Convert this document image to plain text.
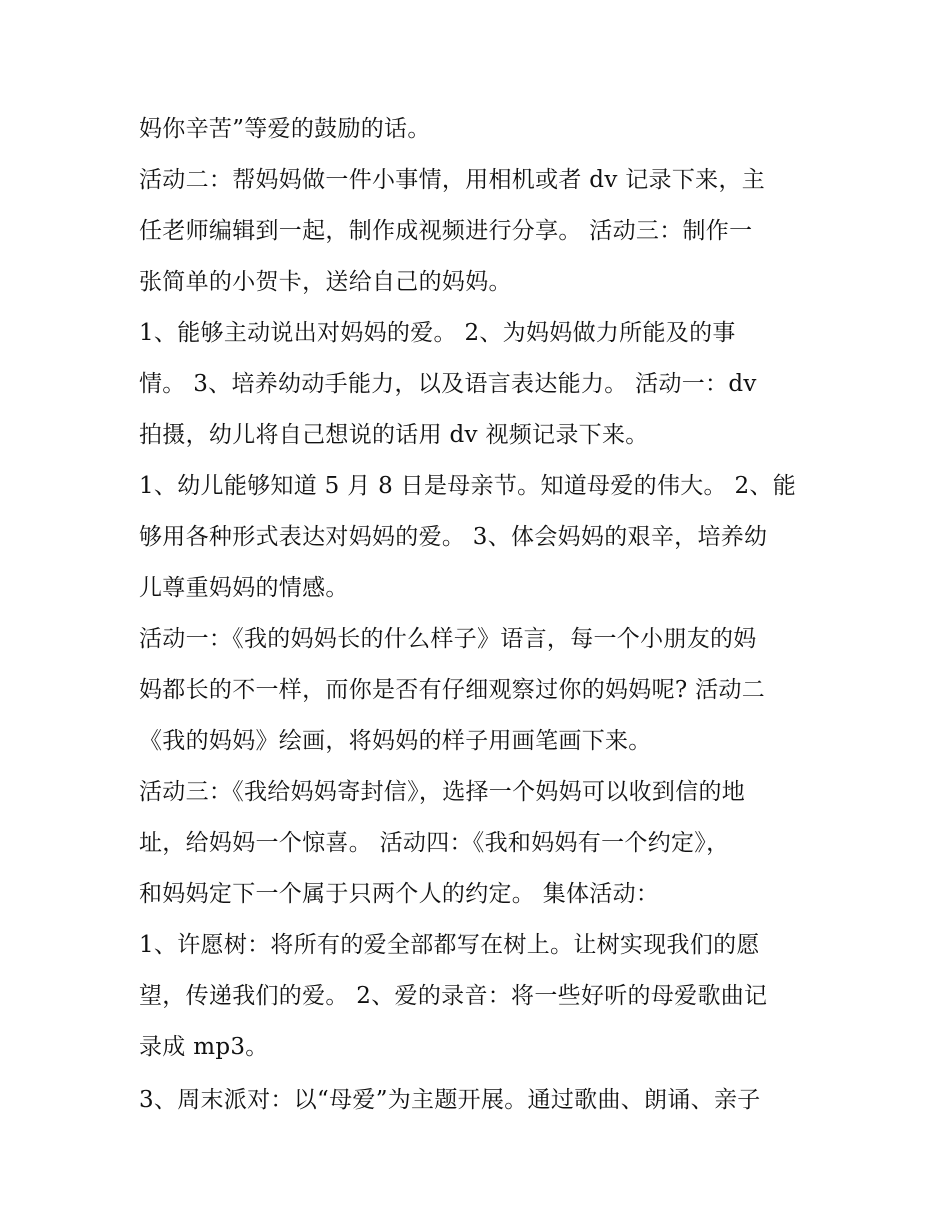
妈你辛苦”等爱的鼓励的话。
活动二：帮妈妈做一件小事情，用相机或者 dv 记录下来，主
任老师编辑到一起，制作成视频进行分享。 活动三：制作一
张简单的小贺卡，送给自己的妈妈。
1、能够主动说出对妈妈的爱。 2、为妈妈做力所能及的事
情。 3、培养幼动手能力，以及语言表达能力。 活动一：dv
拍摄，幼儿将自己想说的话用 dv 视频记录下来。
1、幼儿能够知道 5 月 8 日是母亲节。知道母爱的伟大。 2、能
够用各种形式表达对妈妈的爱。 3、体会妈妈的艰辛，培养幼
儿尊重妈妈的情感。
活动一：《我的妈妈长的什么样子》语言，每一个小朋友的妈
妈都长的不一样，而你是否有仔细观察过你的妈妈呢? 活动二
《我的妈妈》绘画，将妈妈的样子用画笔画下来。
活动三：《我给妈妈寄封信》，选择一个妈妈可以收到信的地
址，给妈妈一个惊喜。 活动四：《我和妈妈有一个约定》，
和妈妈定下一个属于只两个人的约定。 集体活动：
1、许愿树：将所有的爱全部都写在树上。让树实现我们的愿
望，传递我们的爱。 2、爱的录音：将一些好听的母爱歌曲记
录成 mp3。
3、周末派对：以“母爱”为主题开展。通过歌曲、朗诵、亲子
